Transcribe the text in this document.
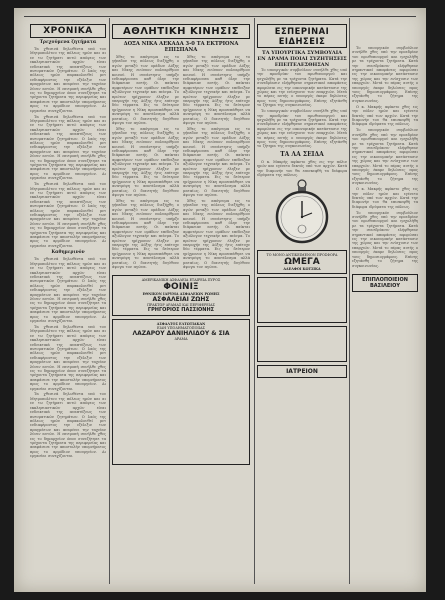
ΧΡΟΝΙΚΑ
Τρεχούμενα ζητήματα

Τα χθεσινά δηλωθέντα υπό του Μητροπολίτου της πόλεως ημών και αι εν τω ζητήματι αυτώ απόψεις των εκκλησιαστικών αρχών είναι ενδεικτικά της αναπτύξεως των πνευματικών ζητημάτων. Ο λαός της πόλεως ημών παρακολουθεί μετ ενδιαφέροντος την εξέλιξιν των πραγμάτων και αναμένει την ταχείαν λύσιν αυτών. Η επιτροπή συνήλθε χθες εις το δημαρχείον όπου συνεζήτησε τα τρέχοντα ζητήματα της περιφερείας και απεφάσισε την αποστολήν υπομνήματος προς το αρμόδιον υπουργείον. Αι εργασίαι συνεχίζονται.

Τα χθεσινά δηλωθέντα υπό του Μητροπολίτου της πόλεως ημών και αι εν τω ζητήματι αυτώ απόψεις των εκκλησιαστικών αρχών είναι ενδεικτικά της αναπτύξεως των πνευματικών ζητημάτων. Ο λαός της πόλεως ημών παρακολουθεί μετ ενδιαφέροντος την εξέλιξιν των πραγμάτων και αναμένει την ταχείαν λύσιν αυτών. Η επιτροπή συνήλθε χθες εις το δημαρχείον όπου συνεζήτησε τα τρέχοντα ζητήματα της περιφερείας και απεφάσισε την αποστολήν υπομνήματος προς το αρμόδιον υπουργείον. Αι εργασίαι συνεχίζονται.

Τα χθεσινά δηλωθέντα υπό του Μητροπολίτου της πόλεως ημών και αι εν τω ζητήματι αυτώ απόψεις των εκκλησιαστικών αρχών είναι ενδεικτικά της αναπτύξεως των πνευματικών ζητημάτων. Ο λαός της πόλεως ημών παρακολουθεί μετ ενδιαφέροντος την εξέλιξιν των πραγμάτων και αναμένει την ταχείαν λύσιν αυτών. Η επιτροπή συνήλθε χθες εις το δημαρχείον όπου συνεζήτησε τα τρέχοντα ζητήματα της περιφερείας και απεφάσισε την αποστολήν υπομνήματος προς το αρμόδιον υπουργείον. Αι εργασίαι συνεχίζονται.

Καθημερινόν

Τα χθεσινά δηλωθέντα υπό του Μητροπολίτου της πόλεως ημών και αι εν τω ζητήματι αυτώ απόψεις των εκκλησιαστικών αρχών είναι ενδεικτικά της αναπτύξεως των πνευματικών ζητημάτων. Ο λαός της πόλεως ημών παρακολουθεί μετ ενδιαφέροντος την εξέλιξιν των πραγμάτων και αναμένει την ταχείαν λύσιν αυτών. Η επιτροπή συνήλθε χθες εις το δημαρχείον όπου συνεζήτησε τα τρέχοντα ζητήματα της περιφερείας και απεφάσισε την αποστολήν υπομνήματος προς το αρμόδιον υπουργείον. Αι εργασίαι συνεχίζονται.

Τα χθεσινά δηλωθέντα υπό του Μητροπολίτου της πόλεως ημών και αι εν τω ζητήματι αυτώ απόψεις των εκκλησιαστικών αρχών είναι ενδεικτικά της αναπτύξεως των πνευματικών ζητημάτων. Ο λαός της πόλεως ημών παρακολουθεί μετ ενδιαφέροντος την εξέλιξιν των πραγμάτων και αναμένει την ταχείαν λύσιν αυτών. Η επιτροπή συνήλθε χθες εις το δημαρχείον όπου συνεζήτησε τα τρέχοντα ζητήματα της περιφερείας και απεφάσισε την αποστολήν υπομνήματος προς το αρμόδιον υπουργείον. Αι εργασίαι συνεχίζονται.

Τα χθεσινά δηλωθέντα υπό του Μητροπολίτου της πόλεως ημών και αι εν τω ζητήματι αυτώ απόψεις των εκκλησιαστικών αρχών είναι ενδεικτικά της αναπτύξεως των πνευματικών ζητημάτων. Ο λαός της πόλεως ημών παρακολουθεί μετ ενδιαφέροντος την εξέλιξιν των πραγμάτων και αναμένει την ταχείαν λύσιν αυτών. Η επιτροπή συνήλθε χθες εις το δημαρχείον όπου συνεζήτησε τα τρέχοντα ζητήματα της περιφερείας και απεφάσισε την αποστολήν υπομνήματος προς το αρμόδιον υπουργείον. Αι εργασίαι συνεχίζονται.

ΑΘΛΗΤΙΚΗ ΚΙΝΗΣΙΣ
ΔΟΞΑ ΝΙΚΑ ΑΕΚΑΔΑ 3-0 ΤΑ ΕΚΤΡΙΟΝΑ ΕΠΙΣΠΑΝΑ

Χθες το απόγευμα εις το γήπεδον της πόλεως διεξήχθη ο αγών μεταξύ των ομάδων Δόξης και Νίκης ενώπιον πολυαρίθμου κοινού. Η συνάντησις υπήρξε ενδιαφέρουσα καθ όλην την διάρκειαν αυτής. Οι παίκται αμφοτέρων των ομάδων επέδειξαν αξιόλογον τεχνικήν και πείσμα. Το πρώτον ημίχρονον έληξεν με υπεροχήν της Δόξης ήτις επέτυχε δύο τέρματα. Εις το δεύτερον ημίχρονον η Νίκη προσεπάθησε να ανατρέψη το αποτέλεσμα αλλά ματαίως. Ο διαιτητής διηύθυνε άψογα τον αγώνα.

Χθες το απόγευμα εις το γήπεδον της πόλεως διεξήχθη ο αγών μεταξύ των ομάδων Δόξης και Νίκης ενώπιον πολυαρίθμου κοινού. Η συνάντησις υπήρξε ενδιαφέρουσα καθ όλην την διάρκειαν αυτής. Οι παίκται αμφοτέρων των ομάδων επέδειξαν αξιόλογον τεχνικήν και πείσμα. Το πρώτον ημίχρονον έληξεν με υπεροχήν της Δόξης ήτις επέτυχε δύο τέρματα. Εις το δεύτερον ημίχρονον η Νίκη προσεπάθησε να ανατρέψη το αποτέλεσμα αλλά ματαίως. Ο διαιτητής διηύθυνε άψογα τον αγώνα.

Χθες το απόγευμα εις το γήπεδον της πόλεως διεξήχθη ο αγών μεταξύ των ομάδων Δόξης και Νίκης ενώπιον πολυαρίθμου κοινού. Η συνάντησις υπήρξε ενδιαφέρουσα καθ όλην την διάρκειαν αυτής. Οι παίκται αμφοτέρων των ομάδων επέδειξαν αξιόλογον τεχνικήν και πείσμα. Το πρώτον ημίχρονον έληξεν με υπεροχήν της Δόξης ήτις επέτυχε δύο τέρματα. Εις το δεύτερον ημίχρονον η Νίκη προσεπάθησε να ανατρέψη το αποτέλεσμα αλλά ματαίως. Ο διαιτητής διηύθυνε άψογα τον αγώνα.

Χθες το απόγευμα εις το γήπεδον της πόλεως διεξήχθη ο αγών μεταξύ των ομάδων Δόξης και Νίκης ενώπιον πολυαρίθμου κοινού. Η συνάντησις υπήρξε ενδιαφέρουσα καθ όλην την διάρκειαν αυτής. Οι παίκται αμφοτέρων των ομάδων επέδειξαν αξιόλογον τεχνικήν και πείσμα. Το πρώτον ημίχρονον έληξεν με υπεροχήν της Δόξης ήτις επέτυχε δύο τέρματα. Εις το δεύτερον ημίχρονον η Νίκη προσεπάθησε να ανατρέψη το αποτέλεσμα αλλά ματαίως. Ο διαιτητής διηύθυνε άψογα τον αγώνα.

Χθες το απόγευμα εις το γήπεδον της πόλεως διεξήχθη ο αγών μεταξύ των ομάδων Δόξης και Νίκης ενώπιον πολυαρίθμου κοινού. Η συνάντησις υπήρξε ενδιαφέρουσα καθ όλην την διάρκειαν αυτής. Οι παίκται αμφοτέρων των ομάδων επέδειξαν αξιόλογον τεχνικήν και πείσμα. Το πρώτον ημίχρονον έληξεν με υπεροχήν της Δόξης ήτις επέτυχε δύο τέρματα. Εις το δεύτερον ημίχρονον η Νίκη προσεπάθησε να ανατρέψη το αποτέλεσμα αλλά ματαίως. Ο διαιτητής διηύθυνε άψογα τον αγώνα.

Χθες το απόγευμα εις το γήπεδον της πόλεως διεξήχθη ο αγών μεταξύ των ομάδων Δόξης και Νίκης ενώπιον πολυαρίθμου κοινού. Η συνάντησις υπήρξε ενδιαφέρουσα καθ όλην την διάρκειαν αυτής. Οι παίκται αμφοτέρων των ομάδων επέδειξαν αξιόλογον τεχνικήν και πείσμα. Το πρώτον ημίχρονον έληξεν με υπεροχήν της Δόξης ήτις επέτυχε δύο τέρματα. Εις το δεύτερον ημίχρονον η Νίκη προσεπάθησε να ανατρέψη το αποτέλεσμα αλλά ματαίως. Ο διαιτητής διηύθυνε άψογα τον αγώνα.

ΑΜΕΡΙΚΑΝΙΚΗ ΑΣΦΑΛΕΙΑ ΕΤΑΙΡΕΙΑ ΠΥΡΟΣ
ΦΟΙΝΙΞ
ΕΘΝΙΚΟΝ ΙΔΡΥΜΑ ΑΣΦΑΛΕΙΩΝ ΡΩΜΗΣ
ΑΣΦΑΛΕΙΑΙ ΖΩΗΣ
ΠΡΑΚΤΩΡ ΔΡΑΜΑΣ ΚΑΙ ΠΕΡΙΦΕΡΕΙΑΣ
ΓΡΗΓΟΡΙΟΣ ΠΑΣΣΙΟΝΗΣ
ΑΣΦΑΛΤΟΣ ΕΛΤΩΤΙΑΚΑΝ
ΕΙΔΗ ΥΠΟΔΗΜΑΤΟΠΟΙΙΑΣ
ΛΑΖΑΡΟΥ ΔΑΝΙΗΛΙΔΟΥ & ΣΙΑ
ΔΡΑΜΑ
ΕΣΠΕΡΙΝΑΙ ΕΙΔΗΣΕΙΣ
ΤΑ ΥΠΟΥΡΓΙΚΑ ΣΥΜΒΟΥΛΙΑ ΕΝ ΔΡΑΜΑ ΠΟΙΑΙ ΣΥΖΗΤΗΣΕΙΣ ΕΠΕΙΤΕΛΕΣΘΗΣΑΝ

Το υπουργικόν συμβούλιον συνήλθε χθες υπό την προεδρίαν του πρωθυπουργού και ησχολήθη με τα τρέχοντα ζητήματα. Κατά την συνεδρίασιν ελήφθησαν σημαντικαί αποφάσεις αφορώσαι εις την οικονομικήν κατάστασιν της χώρας και την ενίσχυσιν των επαρχιών. Μετά το πέρας αυτής ο υπουργός έκαμε δηλώσεις προς τους δημοσιογράφους. Επίσης εξητάσθη το ζήτημα της συγκοινωνίας.

Το υπουργικόν συμβούλιον συνήλθε χθες υπό την προεδρίαν του πρωθυπουργού και ησχολήθη με τα τρέχοντα ζητήματα. Κατά την συνεδρίασιν ελήφθησαν σημαντικαί αποφάσεις αφορώσαι εις την οικονομικήν κατάστασιν της χώρας και την ενίσχυσιν των επαρχιών. Μετά το πέρας αυτής ο υπουργός έκαμε δηλώσεις προς τους δημοσιογράφους. Επίσης εξητάσθη το ζήτημα της συγκοινωνίας.

ΤΑ ΛΑ ΣΕΙΔΑ

Ο κ. Μακρής αφίκετο χθες εις την πόλιν ημών και εγένετο δεκτός υπό των αρχών. Κατά την διαμονήν του θα επισκεφθή τα διάφορα ιδρύματα της πόλεως.

ΤΟ ΜΟΝΟ ΑΝΤΙΚΕΙΜΕΝΟΝ ΠΡΟΣΦΟΡΑ
ΩΜΕΓΑ
ΑΔΕΛΦΟΙ ΚΩΤΣΙΚΑ
ΙΑΤΡΕΙΟΝ

Το υπουργικόν συμβούλιον συνήλθε χθες υπό την προεδρίαν του πρωθυπουργού και ησχολήθη με τα τρέχοντα ζητήματα. Κατά την συνεδρίασιν ελήφθησαν σημαντικαί αποφάσεις αφορώσαι εις την οικονομικήν κατάστασιν της χώρας και την ενίσχυσιν των επαρχιών. Μετά το πέρας αυτής ο υπουργός έκαμε δηλώσεις προς τους δημοσιογράφους. Επίσης εξητάσθη το ζήτημα της συγκοινωνίας.

Ο κ. Μακρής αφίκετο χθες εις την πόλιν ημών και εγένετο δεκτός υπό των αρχών. Κατά την διαμονήν του θα επισκεφθή τα διάφορα ιδρύματα της πόλεως.

Το υπουργικόν συμβούλιον συνήλθε χθες υπό την προεδρίαν του πρωθυπουργού και ησχολήθη με τα τρέχοντα ζητήματα. Κατά την συνεδρίασιν ελήφθησαν σημαντικαί αποφάσεις αφορώσαι εις την οικονομικήν κατάστασιν της χώρας και την ενίσχυσιν των επαρχιών. Μετά το πέρας αυτής ο υπουργός έκαμε δηλώσεις προς τους δημοσιογράφους. Επίσης εξητάσθη το ζήτημα της συγκοινωνίας.

Ο κ. Μακρής αφίκετο χθες εις την πόλιν ημών και εγένετο δεκτός υπό των αρχών. Κατά την διαμονήν του θα επισκεφθή τα διάφορα ιδρύματα της πόλεως.

Το υπουργικόν συμβούλιον συνήλθε χθες υπό την προεδρίαν του πρωθυπουργού και ησχολήθη με τα τρέχοντα ζητήματα. Κατά την συνεδρίασιν ελήφθησαν σημαντικαί αποφάσεις αφορώσαι εις την οικονομικήν κατάστασιν της χώρας και την ενίσχυσιν των επαρχιών. Μετά το πέρας αυτής ο υπουργός έκαμε δηλώσεις προς τους δημοσιογράφους. Επίσης εξητάσθη το ζήτημα της συγκοινωνίας.

ΕΠΙΠΛΟΠΟΙΕΙΟΝ
ΒΑΣΙΛΕΙΟΥ
